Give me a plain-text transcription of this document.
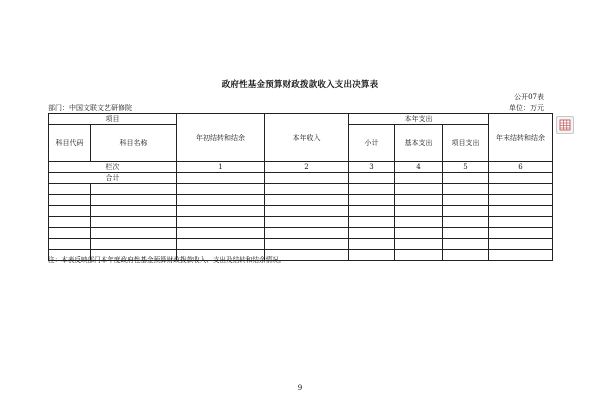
政府性基金预算财政拨款收入支出决算表
公开07表
部门：中国文联文艺研修院	单位：万元
项目		年初结转和结余	本年收入	本年支出			年末结转和结余
科目代码	科目名称			小计	基本支出	项目支出	
栏次		1	2	3	4	5	6
合计							

注：本表反映部门本年度政府性基金预算财政拨款收入、支出及结转和结余情况。
9
